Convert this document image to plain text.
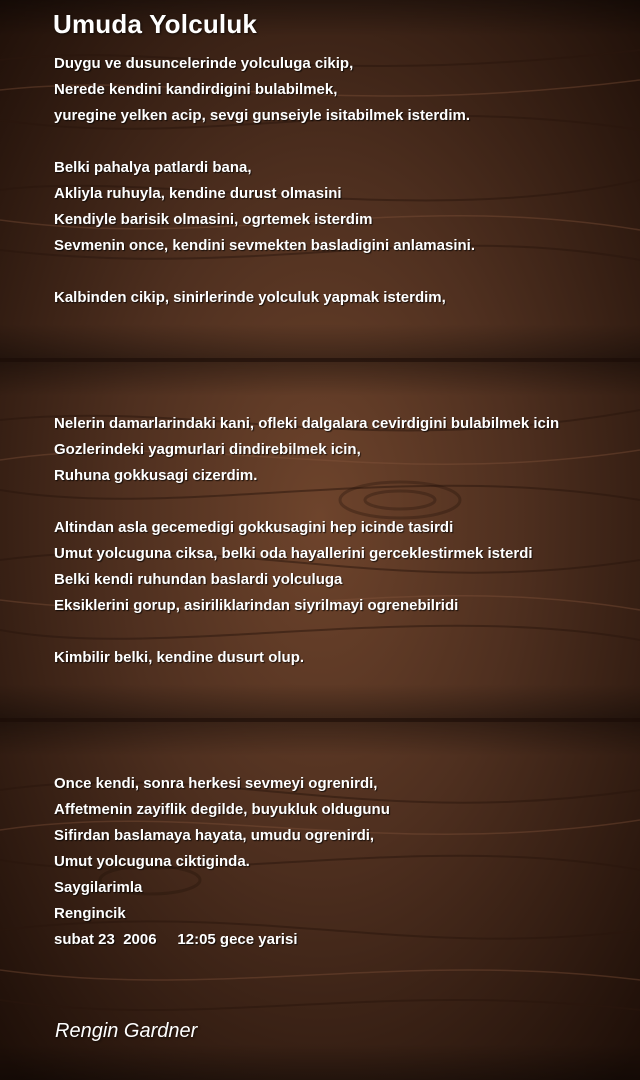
Umuda Yolculuk
Duygu ve dusuncelerinde yolculuga cikip,
Nerede kendini kandirdigini bulabilmek,
yuregine yelken acip, sevgi gunseiyle isitabilmek isterdim.
Belki pahalya patlardi bana,
Akliyla ruhuyla, kendine durust olmasini
Kendiyle barisik olmasini, ogrtemek isterdim
Sevmenin once, kendini sevmekten basladigini anlamasini.
Kalbinden cikip, sinirlerinde yolculuk yapmak isterdim,
Nelerin damarlarindaki kani, ofleki dalgalara cevirdigini bulabilmek icin
Gozlerindeki yagmurlari dindirebilmek icin,
Ruhuna gokkusagi cizerdim.
Altindan asla gecemedigi gokkusagini hep icinde tasirdi
Umut yolcuguna ciksa, belki oda hayallerini gerceklestirmek isterdi
Belki kendi ruhundan baslardi yolculuga
Eksiklerini gorup, asiriliklarindan siyrilmayi ogrenebilridi
Kimbilir belki, kendine dusurt olup.
Once kendi, sonra herkesi sevmeyi ogrenirdi,
Affetmenin zayiflik degilde, buyukluk oldugunu
Sifirdan baslamaya hayata, umudu ogrenirdi,
Umut yolcuguna ciktiginda.
Saygilarimla
Rengincik
subat 23  2006     12:05 gece yarisi
Rengin Gardner
